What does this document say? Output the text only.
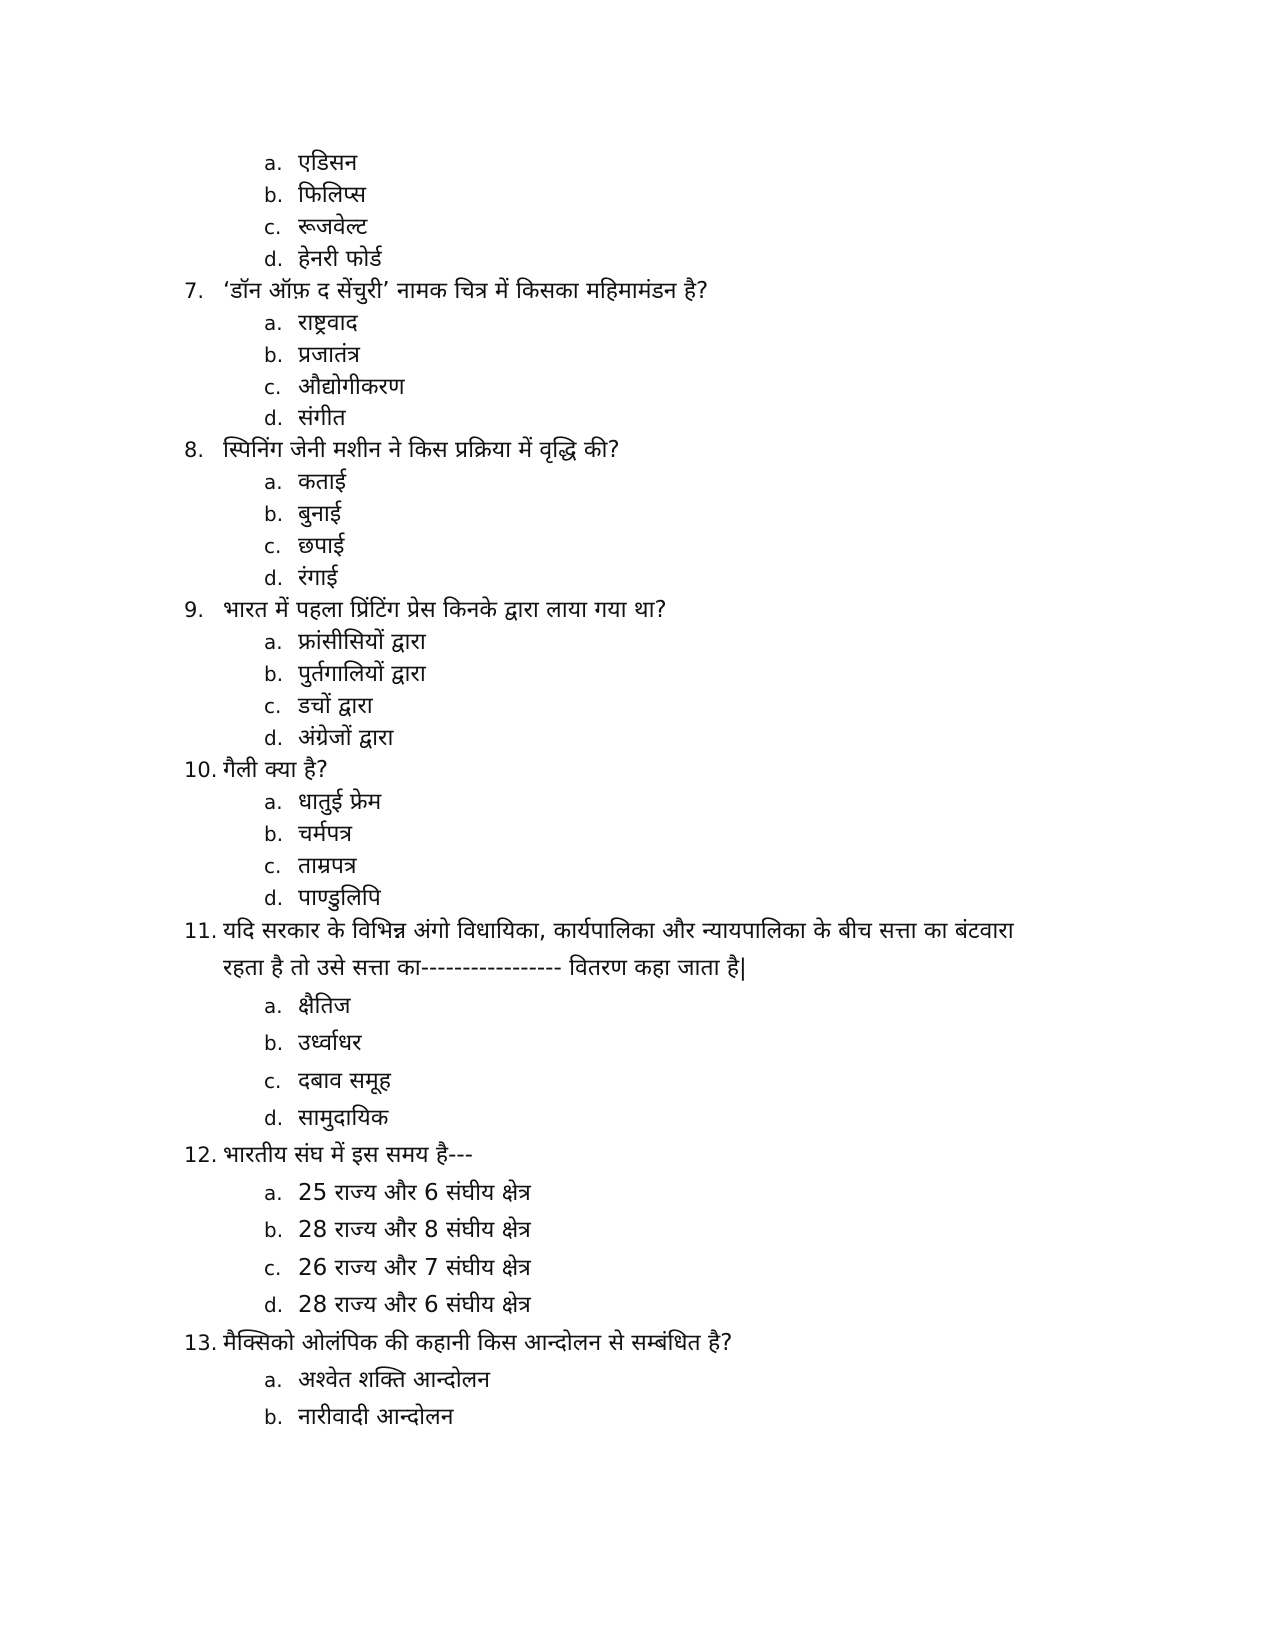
a. एडिसन
b. फिलिप्स
c. रूजवेल्ट
d. हेनरी फोर्ड
7. ‘डॉन ऑफ़ द सेंचुरी’ नामक चित्र में किसका महिमामंडन है?
a. राष्ट्रवाद
b. प्रजातंत्र
c. औद्योगीकरण
d. संगीत
8. स्पिनिंग जेनी मशीन ने किस प्रक्रिया में वृद्धि की?
a. कताई
b. बुनाई
c. छपाई
d. रंगाई
9. भारत में पहला प्रिंटिंग प्रेस किनके द्वारा लाया गया था?
a. फ्रांसीसियों द्वारा
b. पुर्तगालियों द्वारा
c. डचों द्वारा
d. अंग्रेजों द्वारा
10. गैली क्या है?
a. धातुई फ्रेम
b. चर्मपत्र
c. ताम्रपत्र
d. पाण्डुलिपि
11. यदि सरकार के विभिन्न अंगो विधायिका, कार्यपालिका और न्यायपालिका के बीच सत्ता का बंटवारा
रहता है तो उसे सत्ता का----------------- वितरण कहा जाता है|
a. क्षैतिज
b. उर्ध्वाधर
c. दबाव समूह
d. सामुदायिक
12. भारतीय संघ में इस समय है---
a. 25 राज्य और 6 संघीय क्षेत्र
b. 28 राज्य और 8 संघीय क्षेत्र
c. 26 राज्य और 7 संघीय क्षेत्र
d. 28 राज्य और 6 संघीय क्षेत्र
13. मैक्सिको ओलंपिक की कहानी किस आन्दोलन से सम्बंधित है?
a. अश्वेत शक्ति आन्दोलन
b. नारीवादी आन्दोलन
